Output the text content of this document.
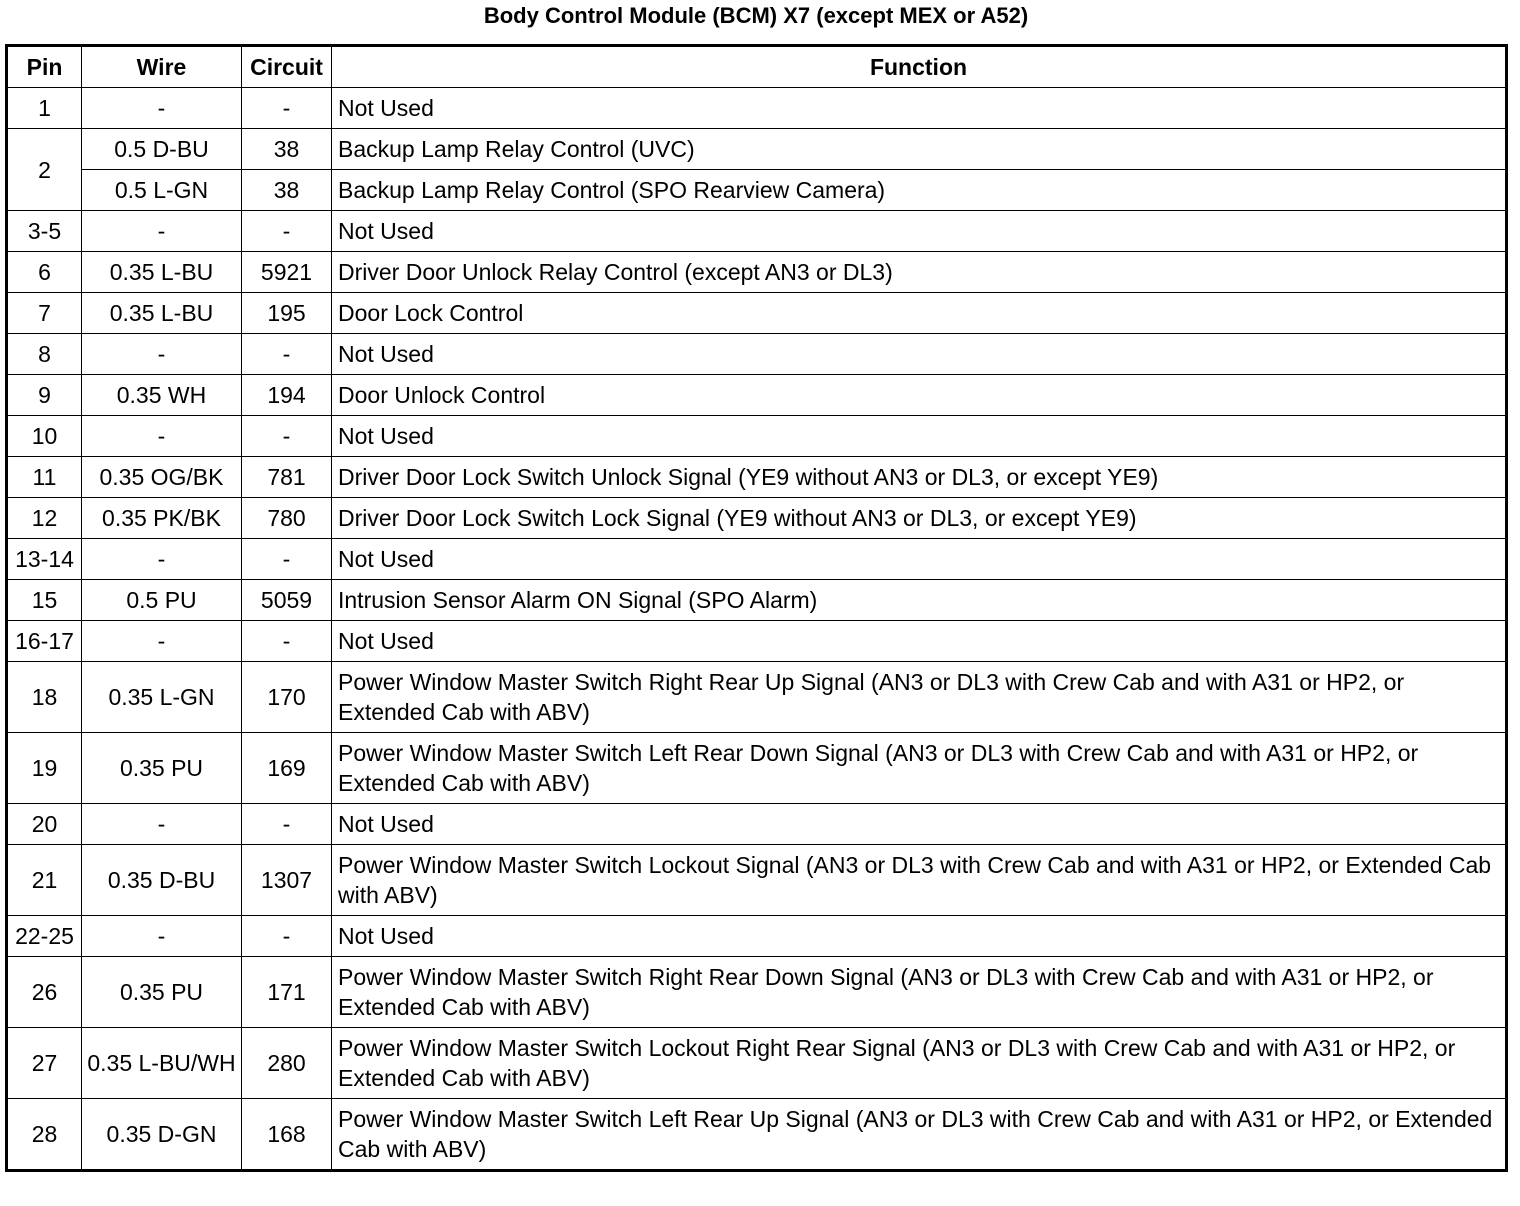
Body Control Module (BCM) X7 (except MEX or A52)
Pin	Wire	Circuit	Function
1	-	-	Not Used
2	0.5 D-BU	38	Backup Lamp Relay Control (UVC)
	0.5 L-GN	38	Backup Lamp Relay Control (SPO Rearview Camera)
3-5	-	-	Not Used
6	0.35 L-BU	5921	Driver Door Unlock Relay Control (except AN3 or DL3)
7	0.35 L-BU	195	Door Lock Control
8	-	-	Not Used
9	0.35 WH	194	Door Unlock Control
10	-	-	Not Used
11	0.35 OG/BK	781	Driver Door Lock Switch Unlock Signal (YE9 without AN3 or DL3, or except YE9)
12	0.35 PK/BK	780	Driver Door Lock Switch Lock Signal (YE9 without AN3 or DL3, or except YE9)
13-14	-	-	Not Used
15	0.5 PU	5059	Intrusion Sensor Alarm ON Signal (SPO Alarm)
16-17	-	-	Not Used
18	0.35 L-GN	170	Power Window Master Switch Right Rear Up Signal (AN3 or DL3 with Crew Cab and with A31 or HP2, or Extended Cab with ABV)
19	0.35 PU	169	Power Window Master Switch Left Rear Down Signal (AN3 or DL3 with Crew Cab and with A31 or HP2, or Extended Cab with ABV)
20	-	-	Not Used
21	0.35 D-BU	1307	Power Window Master Switch Lockout Signal (AN3 or DL3 with Crew Cab and with A31 or HP2, or Extended Cab with ABV)
22-25	-	-	Not Used
26	0.35 PU	171	Power Window Master Switch Right Rear Down Signal (AN3 or DL3 with Crew Cab and with A31 or HP2, or Extended Cab with ABV)
27	0.35 L-BU/WH	280	Power Window Master Switch Lockout Right Rear Signal (AN3 or DL3 with Crew Cab and with A31 or HP2, or Extended Cab with ABV)
28	0.35 D-GN	168	Power Window Master Switch Left Rear Up Signal (AN3 or DL3 with Crew Cab and with A31 or HP2, or Extended Cab with ABV)
